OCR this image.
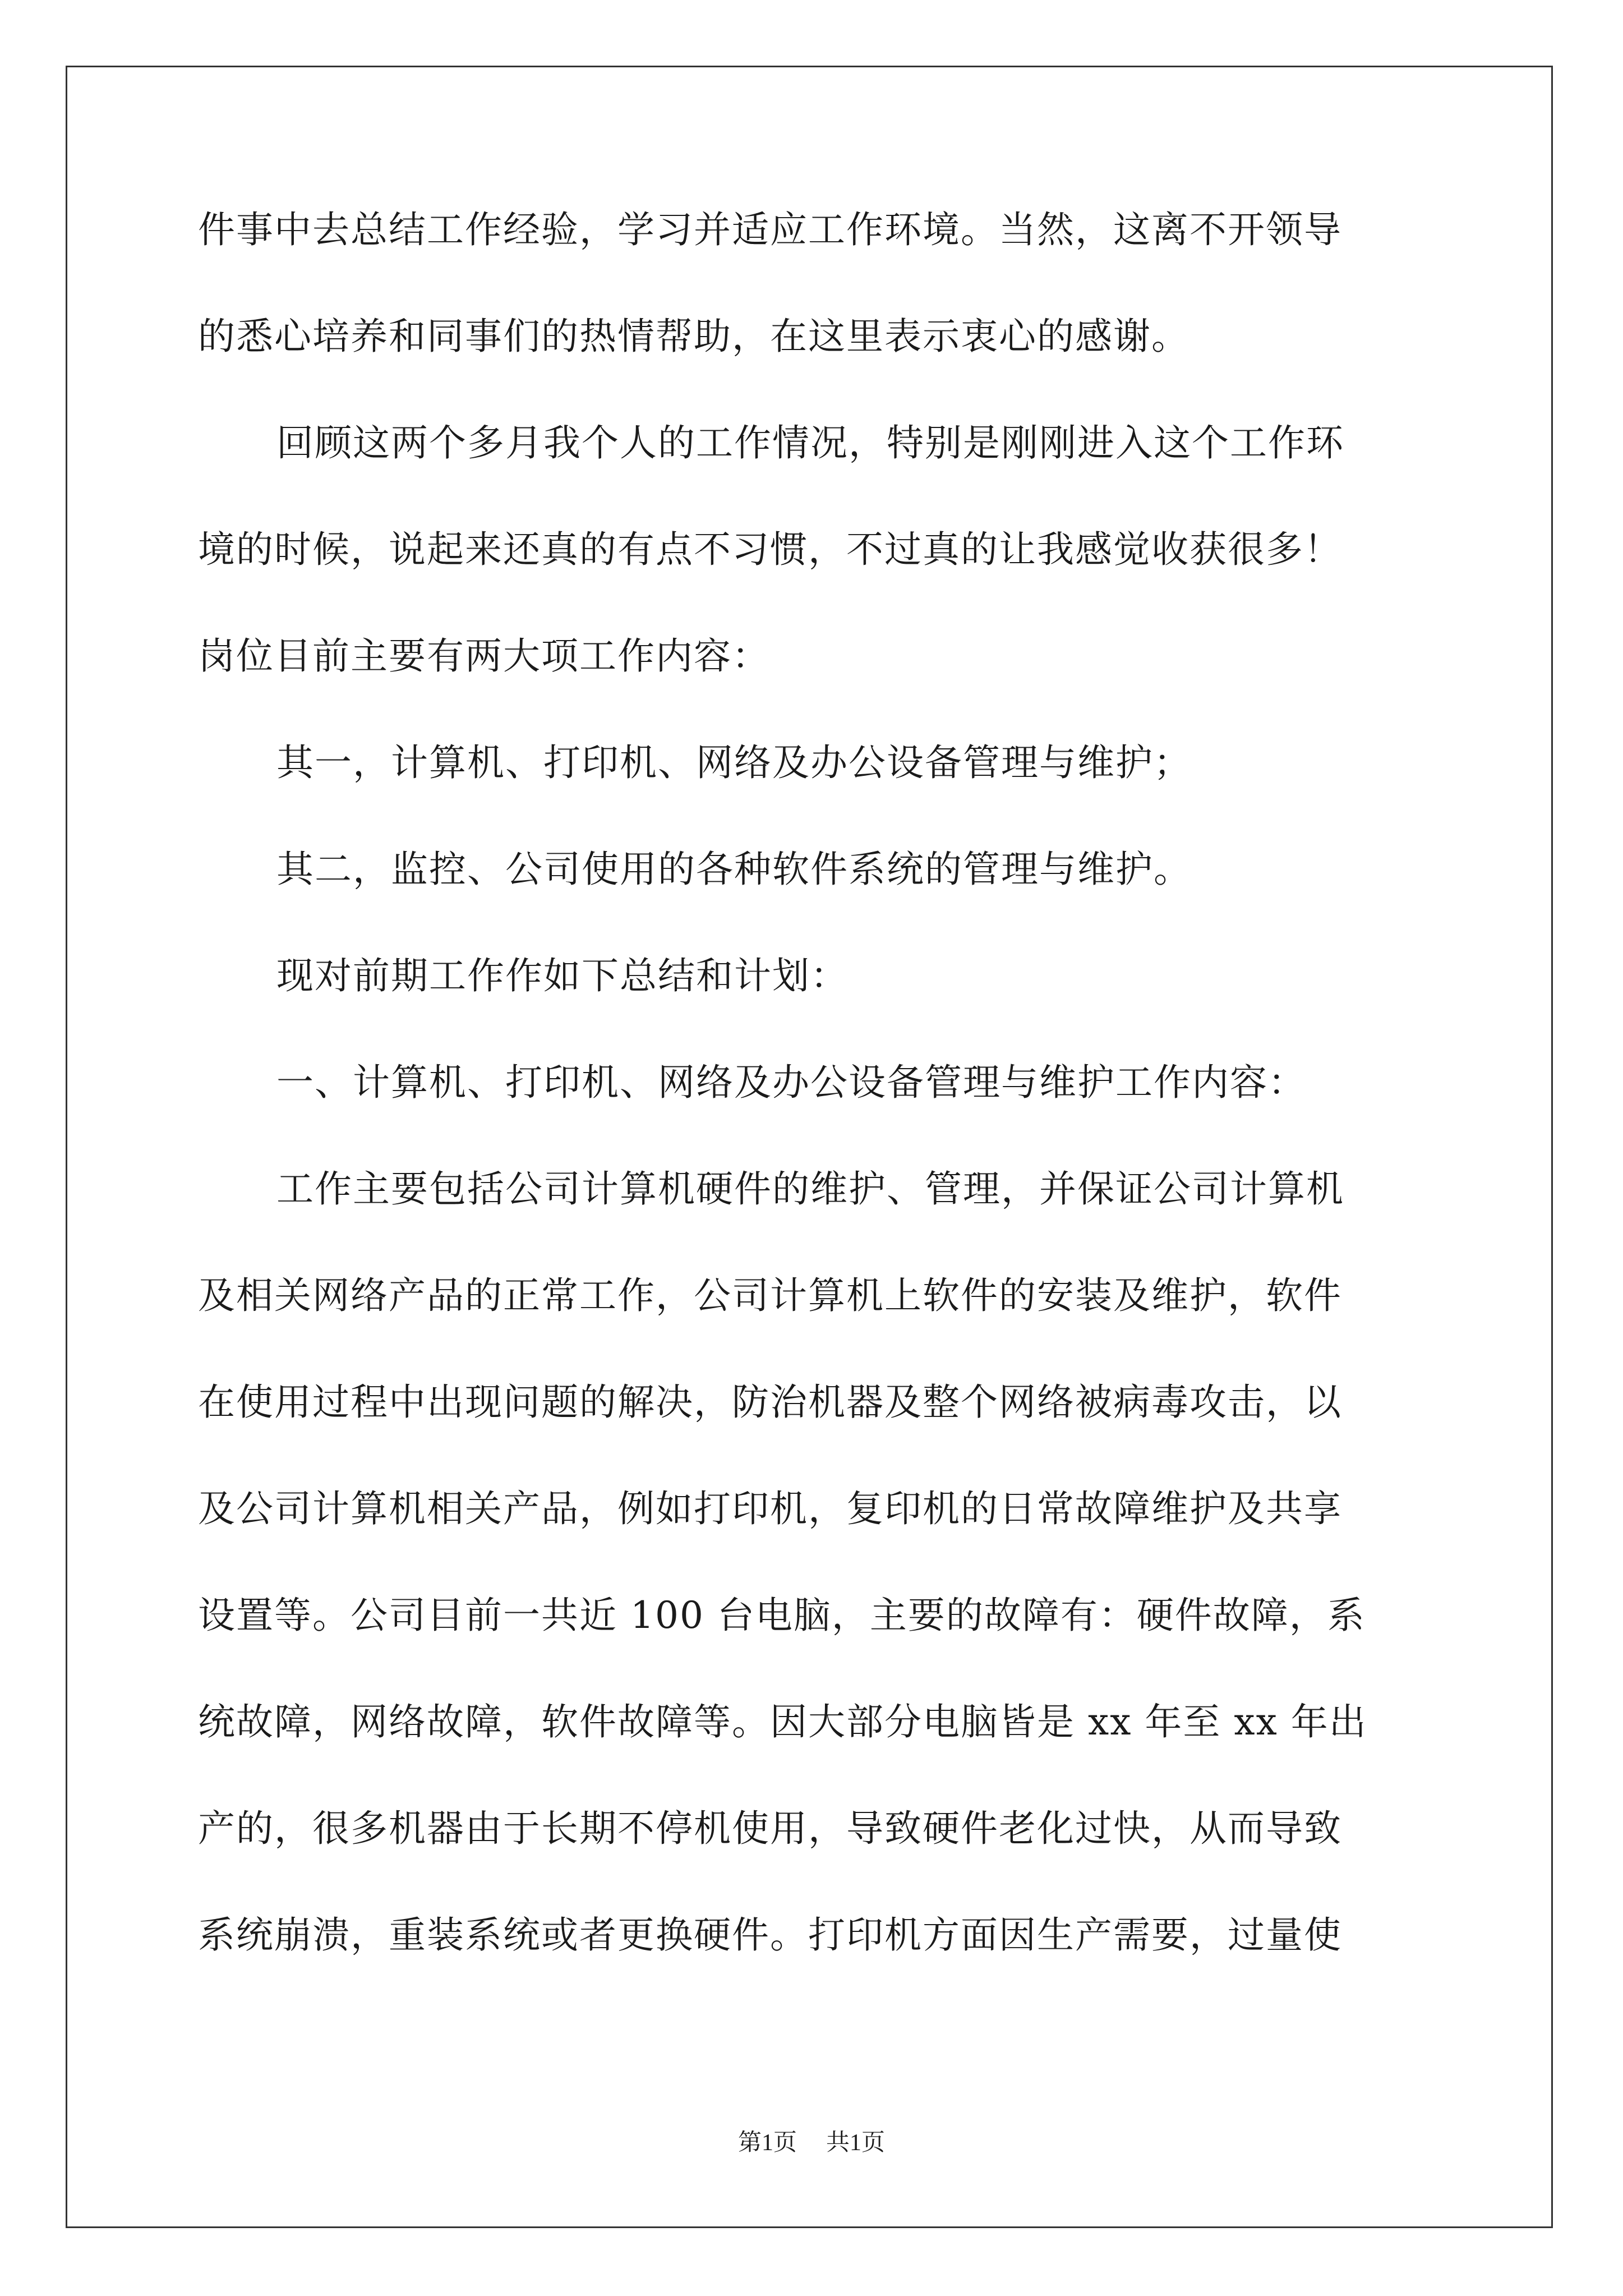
件事中去总结工作经验，学习并适应工作环境。当然，这离不开领导
的悉心培养和同事们的热情帮助，在这里表示衷心的感谢。
回顾这两个多月我个人的工作情况，特别是刚刚进入这个工作环
境的时候，说起来还真的有点不习惯，不过真的让我感觉收获很多！
岗位目前主要有两大项工作内容：
其一，计算机、打印机、网络及办公设备管理与维护；
其二，监控、公司使用的各种软件系统的管理与维护。
现对前期工作作如下总结和计划：
一、计算机、打印机、网络及办公设备管理与维护工作内容：
工作主要包括公司计算机硬件的维护、管理，并保证公司计算机
及相关网络产品的正常工作，公司计算机上软件的安装及维护，软件
在使用过程中出现问题的解决，防治机器及整个网络被病毒攻击，以
及公司计算机相关产品，例如打印机，复印机的日常故障维护及共享
设置等。公司目前一共近 100 台电脑，主要的故障有：硬件故障，系
统故障，网络故障，软件故障等。因大部分电脑皆是 xx 年至 xx 年出
产的，很多机器由于长期不停机使用，导致硬件老化过快，从而导致
系统崩溃，重装系统或者更换硬件。打印机方面因生产需要，过量使
第1页 共1页
